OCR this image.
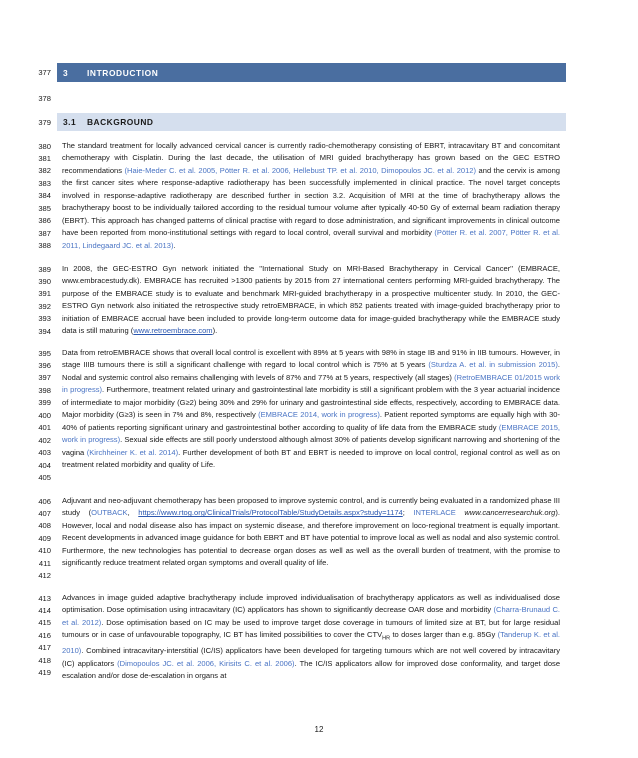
377
378
379
380
381
382
383
384
385
386
387
388
389
390
391
392
393
394
395
396
397
398
399
400
401
402
403
404
405
406
407
408
409
410
411
412
413
414
415
416
417
418
419
3	INTRODUCTION
3.1	BACKGROUND

The standard treatment for locally advanced cervical cancer is currently radio-chemotherapy consisting of EBRT, intracavitary BT and concomitant chemotherapy with Cisplatin. During the last decade, the utilisation of MRI guided brachytherapy has grown based on the GEC ESTRO recommendations (Haie-Meder C. et al. 2005, Pötter R. et al. 2006, Hellebust TP. et al. 2010, Dimopoulos JC. et al. 2012) and the cervix is among the first cancer sites where response-adaptive radiotherapy has been successfully implemented in clinical practice. The novel target concepts involved in response-adaptive radiotherapy are described further in section 3.2. Acquisition of MRI at the time of brachytherapy allows the brachytherapy boost to be individually tailored according to the residual tumour volume after typically 40-50 Gy of external beam radiation therapy (EBRT). This approach has changed patterns of clinical practise with regard to dose administration, and significant improvements in clinical outcome have been reported from mono-institutional settings with regard to local control, overall survival and morbidity (Pötter R. et al. 2007, Pötter R. et al. 2011, Lindegaard JC. et al. 2013).

In 2008, the GEC-ESTRO Gyn network initiated the ''International Study on MRI-Based Brachytherapy in Cervical Cancer'' (EMBRACE, www.embracestudy.dk). EMBRACE has recruited >1300 patients by 2015 from 27 international centers performing MRI-guided brachytherapy. The purpose of the EMBRACE study is to evaluate and benchmark MRI-guided brachytherapy in a prospective multicenter study. In 2010, the GEC-ESTRO Gyn network also initiated the retrospective study retroEMBRACE, in which 852 patients treated with image-guided brachytherapy prior to initiation of EMBRACE accrual have been included to provide long-term outcome data for image-guided brachytherapy while the EMBRACE study data is still maturing (www.retroembrace.com).

Data from retroEMBRACE shows that overall local control is excellent with 89% at 5 years with 98% in stage IB and 91% in IIB tumours. However, in stage IIIB tumours there is still a significant challenge with regard to local control which is 75% at 5 years (Sturdza A. et al. in submission 2015). Nodal and systemic control also remains challenging with levels of 87% and 77% at 5 years, respectively (all stages) (RetroEMBRACE 01/2015 work in progress). Furthermore, treatment related urinary and gastrointestinal late morbidity is still a significant problem with the 3 year actuarial incidence of intermediate to major morbidity (G≥2) being 30% and 29% for urinary and gastrointestinal side effects, respectively, according to EMBRACE data. Major morbidity (G≥3) is seen in 7% and 8%, respectively (EMBRACE 2014, work in progress). Patient reported symptoms are equally high with 30-40% of patients reporting significant urinary and gastrointestinal bother according to quality of life data from the EMBRACE study (EMBRACE 2015, work in progress). Sexual side effects are still poorly understood although almost 30% of patients develop significant narrowing and shortening of the vagina (Kirchheiner K. et al. 2014). Further development of both BT and EBRT is needed to improve on local control, regional control as well as on treatment related morbidity and quality of Life.

Adjuvant and neo-adjuvant chemotherapy has been proposed to improve systemic control, and is currently being evaluated in a randomized phase III study (OUTBACK, https://www.rtog.org/ClinicalTrials/ProtocolTable/StudyDetails.aspx?study=1174; INTERLACE www.cancerresearchuk.org). However, local and nodal disease also has impact on systemic disease, and therefore improvement on loco-regional treatment is equally important. Recent developments in advanced image guidance for both EBRT and BT have potential to improve local as well as nodal and also systemic control. Furthermore, the new technologies has potential to decrease organ doses as well as well as the overall burden of treatment, with the promise to significantly reduce treatment related organ symptoms and overall quality of life.

Advances in image guided adaptive brachytherapy include improved individualisation of brachytherapy applicators as well as individualised dose optimisation. Dose optimisation using intracavitary (IC) applicators has shown to significantly decrease OAR dose and morbidity (Charra-Brunaud C. et al. 2012). Dose optimisation based on IC may be used to improve target dose coverage in tumours of limited size at BT, but for large residual tumours or in case of unfavourable topography, IC BT has limited possibilities to cover the $CTV_{HR}$ to doses larger than e.g. 85Gy (Tanderup K. et al. 2010). Combined intracavitary-interstitial (IC/IS) applicators have been developed for targeting tumours which are not well covered by intracavitary (IC) applicators (Dimopoulos JC. et al. 2006, Kirisits C. et al. 2006). The IC/IS applicators allow for improved dose conformality, and target dose escalation and/or dose de-escalation in organs at

12
